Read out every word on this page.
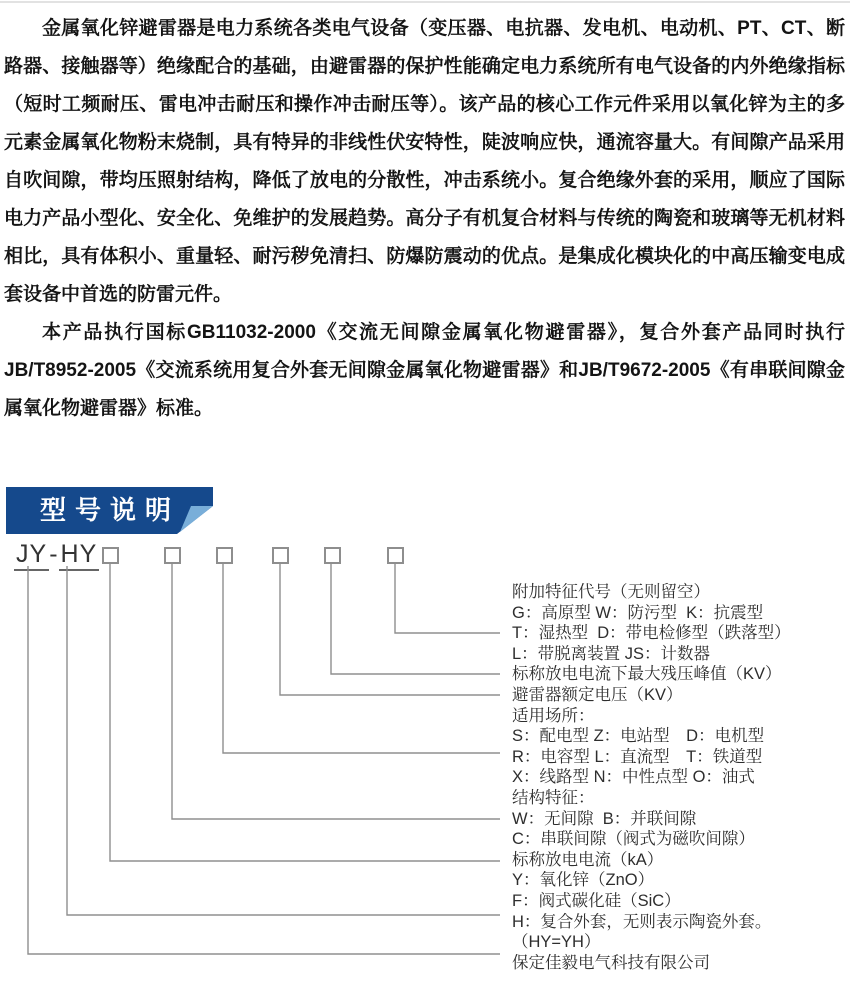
金属氧化锌避雷器是电力系统各类电气设备（变压器、电抗器、发电机、电动机、PT、CT、断路器、接触器等）绝缘配合的基础，由避雷器的保护性能确定电力系统所有电气设备的内外绝缘指标（短时工频耐压、雷电冲击耐压和操作冲击耐压等）。该产品的核心工作元件采用以氧化锌为主的多元素金属氧化物粉末烧制，具有特异的非线性伏安特性，陡波响应快，通流容量大。有间隙产品采用自吹间隙，带均压照射结构，降低了放电的分散性，冲击系统小。复合绝缘外套的采用，顺应了国际电力产品小型化、安全化、免维护的发展趋势。高分子有机复合材料与传统的陶瓷和玻璃等无机材料相比，具有体积小、重量轻、耐污秽免清扫、防爆防震动的优点。是集成化模块化的中高压输变电成套设备中首选的防雷元件。

本产品执行国标GB11032-2000《交流无间隙金属氧化物避雷器》，复合外套产品同时执行JB/T8952-2005《交流系统用复合外套无间隙金属氧化物避雷器》和JB/T9672-2005《有串联间隙金属氧化物避雷器》标准。

型号说明
JY-HY
附加特征代号（无则留空）
G：高原型 W：防污型  K：抗震型
T：湿热型  D：带电检修型（跌落型）
L：带脱离装置 JS：计数器
标称放电电流下最大残压峰值（KV）
避雷器额定电压（KV）
适用场所：
S：配电型 Z：电站型　D：电机型
R：电容型 L：直流型　T：铁道型
X：线路型 N：中性点型 O：油式
结构特征：
W：无间隙  B：并联间隙
C：串联间隙（阀式为磁吹间隙）
标称放电电流（kA）
Y：氧化锌（ZnO）
F：阀式碳化硅（SiC）
H：复合外套，无则表示陶瓷外套。
（HY=YH）
保定佳毅电气科技有限公司
